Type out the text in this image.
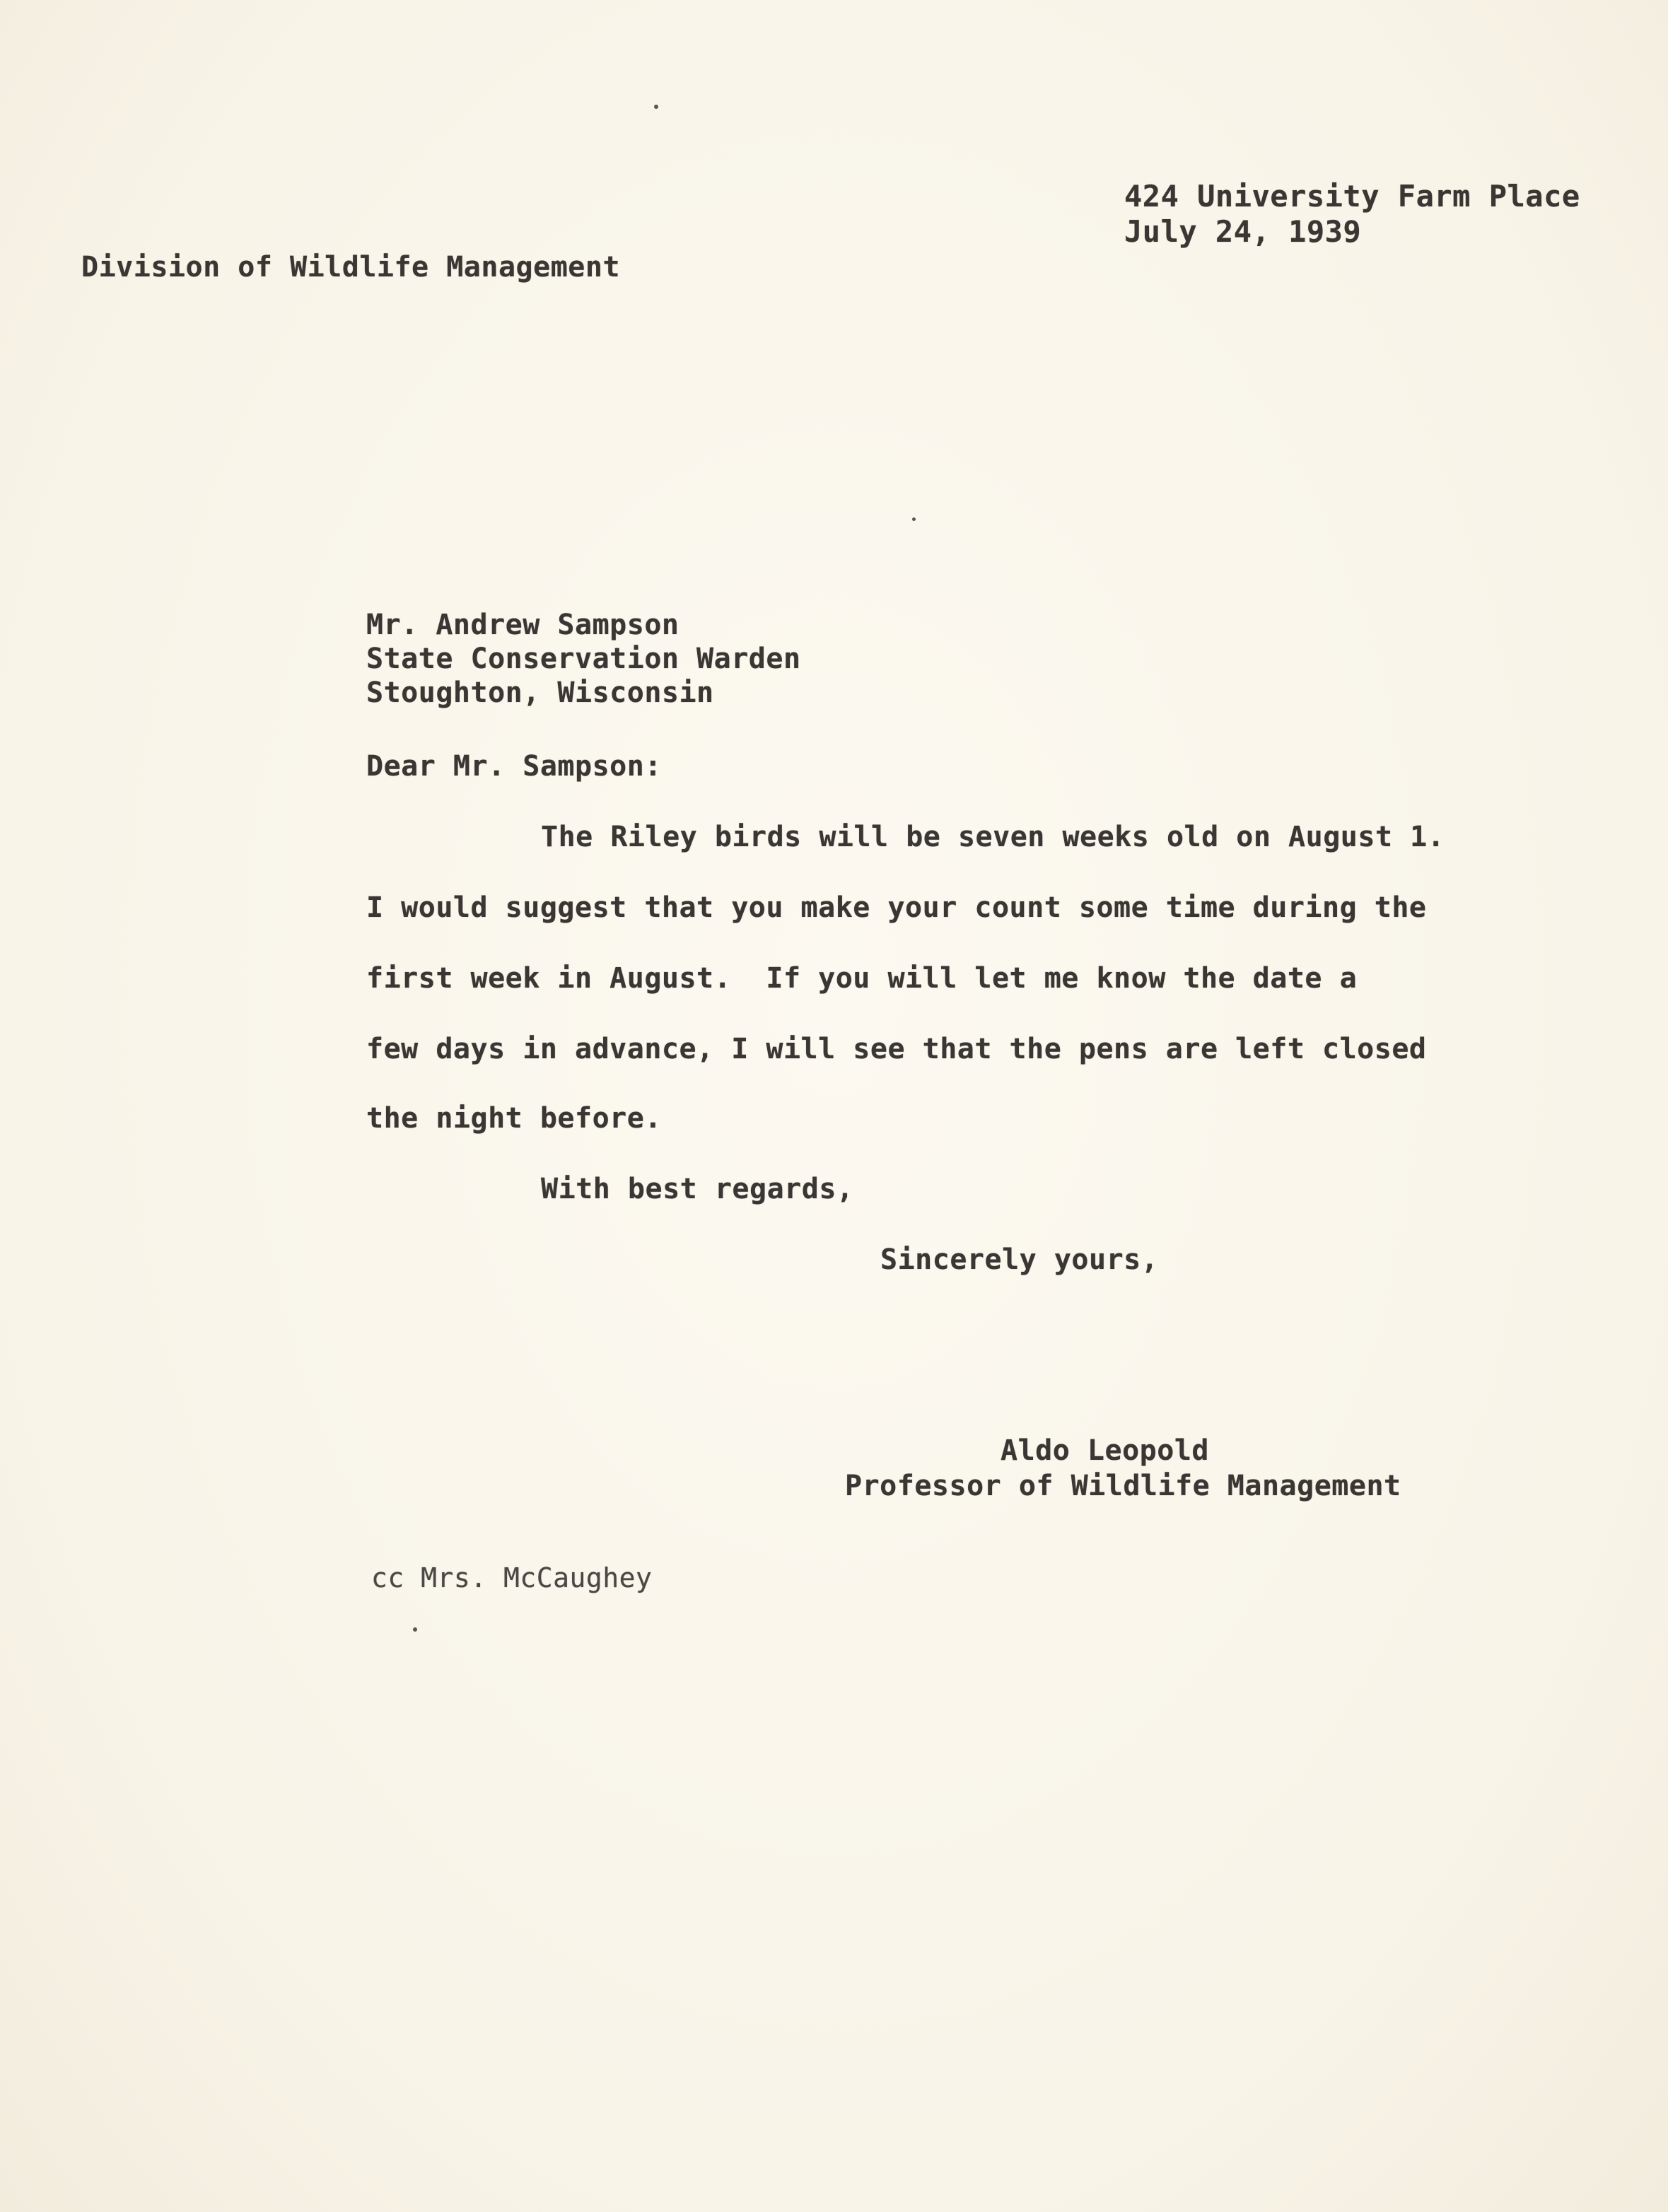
424 University Farm Place
July 24, 1939
Division of Wildlife Management
Mr. Andrew Sampson
State Conservation Warden
Stoughton, Wisconsin
Dear Mr. Sampson:
The Riley birds will be seven weeks old on August 1.
I would suggest that you make your count some time during the
first week in August.  If you will let me know the date a
few days in advance, I will see that the pens are left closed
the night before.
With best regards,
Sincerely yours,
Aldo Leopold
Professor of Wildlife Management
cc Mrs. McCaughey
